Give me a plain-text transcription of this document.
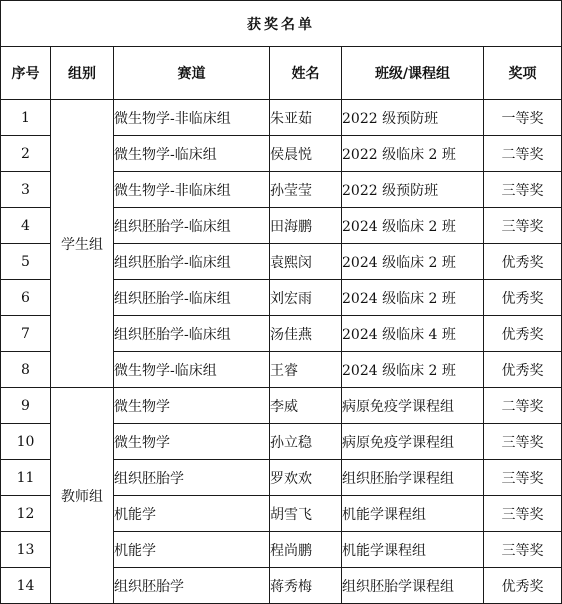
获奖名单					
序号	组别	赛道	姓名	班级/课程组	奖项
1	学生组	微生物学-非临床组	朱亚茹	2022 级预防班	一等奖
2		微生物学-临床组	侯晨悦	2022 级临床 2 班	二等奖
3		微生物学-非临床组	孙莹莹	2022 级预防班	三等奖
4		组织胚胎学-临床组	田海鹏	2024 级临床 2 班	三等奖
5		组织胚胎学-临床组	袁熙闵	2024 级临床 2 班	优秀奖
6		组织胚胎学-临床组	刘宏雨	2024 级临床 2 班	优秀奖
7		组织胚胎学-临床组	汤佳燕	2024 级临床 4 班	优秀奖
8		微生物学-临床组	王睿	2024 级临床 2 班	优秀奖
9	教师组	微生物学	李威	病原免疫学课程组	二等奖
10		微生物学	孙立稳	病原免疫学课程组	三等奖
11		组织胚胎学	罗欢欢	组织胚胎学课程组	三等奖
12		机能学	胡雪飞	机能学课程组	三等奖
13		机能学	程尚鹏	机能学课程组	三等奖
14		组织胚胎学	蒋秀梅	组织胚胎学课程组	优秀奖
